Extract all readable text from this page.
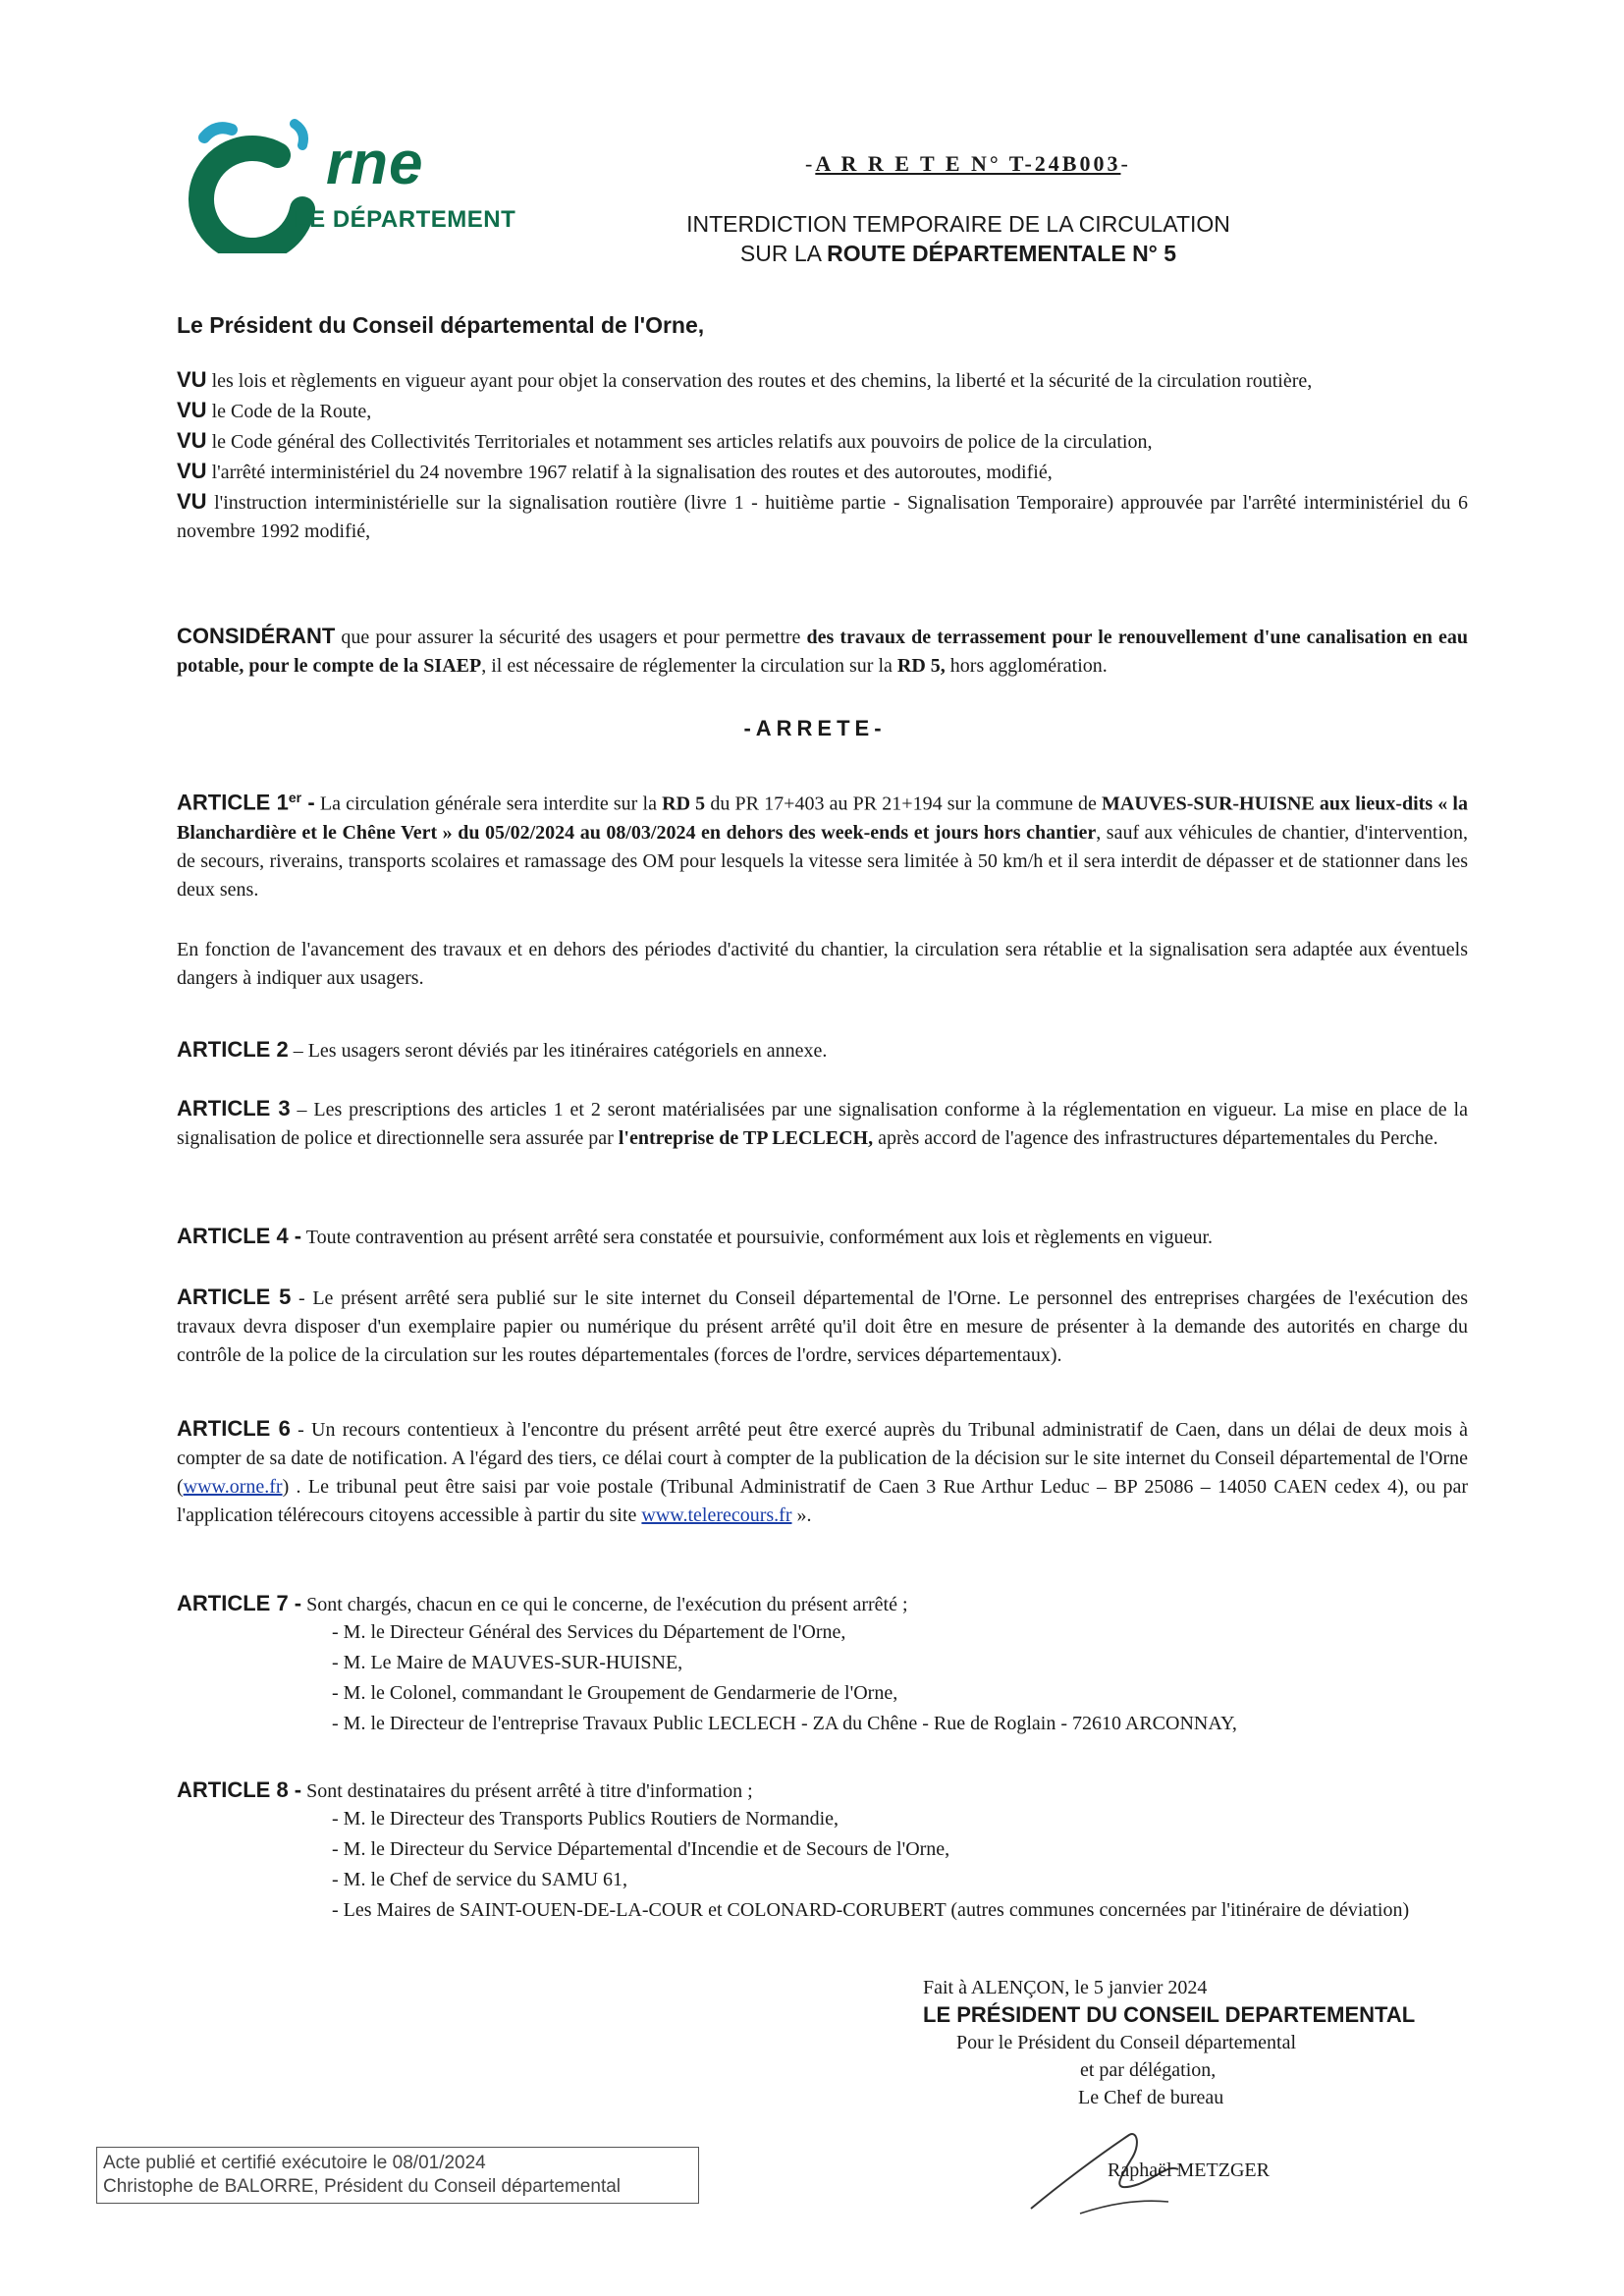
rne
LE DÉPARTEMENT
-A R R E T E N° T-24B003-
INTERDICTION TEMPORAIRE DE LA CIRCULATION
SUR LA ROUTE DÉPARTEMENTALE N° 5
Le Président du Conseil départemental de l'Orne,
VU les lois et règlements en vigueur ayant pour objet la conservation des routes et des chemins, la liberté et la sécurité de la circulation routière,
VU le Code de la Route,
VU le Code général des Collectivités Territoriales et notamment ses articles relatifs aux pouvoirs de police de la circulation,
VU l'arrêté interministériel du 24 novembre 1967 relatif à la signalisation des routes et des autoroutes, modifié,
VU l'instruction interministérielle sur la signalisation routière (livre 1 - huitième partie - Signalisation Temporaire) approuvée par l'arrêté interministériel du 6 novembre 1992 modifié,
CONSIDÉRANT que pour assurer la sécurité des usagers et pour permettre des travaux de terrassement pour le renouvellement d'une canalisation en eau potable, pour le compte de la SIAEP, il est nécessaire de réglementer la circulation sur la RD 5, hors agglomération.
-ARRETE-
ARTICLE 1er - La circulation générale sera interdite sur la RD 5 du PR 17+403 au PR 21+194 sur la commune de MAUVES-SUR-HUISNE aux lieux-dits « la Blanchardière et le Chêne Vert » du 05/02/2024 au 08/03/2024 en dehors des week-ends et jours hors chantier, sauf aux véhicules de chantier, d'intervention, de secours, riverains, transports scolaires et ramassage des OM pour lesquels la vitesse sera limitée à 50 km/h et il sera interdit de dépasser et de stationner dans les deux sens.
En fonction de l'avancement des travaux et en dehors des périodes d'activité du chantier, la circulation sera rétablie et la signalisation sera adaptée aux éventuels dangers à indiquer aux usagers.
ARTICLE 2 – Les usagers seront déviés par les itinéraires catégoriels en annexe.
ARTICLE 3 – Les prescriptions des articles 1 et 2 seront matérialisées par une signalisation conforme à la réglementation en vigueur. La mise en place de la signalisation de police et directionnelle sera assurée par l'entreprise de TP LECLECH, après accord de l'agence des infrastructures départementales du Perche.
ARTICLE 4 - Toute contravention au présent arrêté sera constatée et poursuivie, conformément aux lois et règlements en vigueur.
ARTICLE 5 - Le présent arrêté sera publié sur le site internet du Conseil départemental de l'Orne. Le personnel des entreprises chargées de l'exécution des travaux devra disposer d'un exemplaire papier ou numérique du présent arrêté qu'il doit être en mesure de présenter à la demande des autorités en charge du contrôle de la police de la circulation sur les routes départementales (forces de l'ordre, services départementaux).
ARTICLE 6 - Un recours contentieux à l'encontre du présent arrêté peut être exercé auprès du Tribunal administratif de Caen, dans un délai de deux mois à compter de sa date de notification. A l'égard des tiers, ce délai court à compter de la publication de la décision sur le site internet du Conseil départemental de l'Orne (www.orne.fr) . Le tribunal peut être saisi par voie postale (Tribunal Administratif de Caen 3 Rue Arthur Leduc – BP 25086 – 14050 CAEN cedex 4), ou par l'application télérecours citoyens accessible à partir du site www.telerecours.fr ».
ARTICLE 7 - Sont chargés, chacun en ce qui le concerne, de l'exécution du présent arrêté ;
- M. le Directeur Général des Services du Département de l'Orne,
- M. Le Maire de MAUVES-SUR-HUISNE,
- M. le Colonel, commandant le Groupement de Gendarmerie de l'Orne,
- M. le Directeur de l'entreprise Travaux Public LECLECH - ZA du Chêne - Rue de Roglain - 72610 ARCONNAY,
ARTICLE 8 - Sont destinataires du présent arrêté à titre d'information ;
- M. le Directeur des Transports Publics Routiers de Normandie,
- M. le Directeur du Service Départemental d'Incendie et de Secours de l'Orne,
- M. le Chef de service du SAMU 61,
- Les Maires de SAINT-OUEN-DE-LA-COUR et COLONARD-CORUBERT (autres communes concernées par l'itinéraire de déviation)
Fait à ALENÇON, le 5 janvier 2024
LE PRÉSIDENT DU CONSEIL DEPARTEMENTAL
Pour le Président du Conseil départemental
et par délégation,
Le Chef de bureau
Raphaël METZGER
Acte publié et certifié exécutoire le 08/01/2024
Christophe de BALORRE, Président du Conseil départemental
